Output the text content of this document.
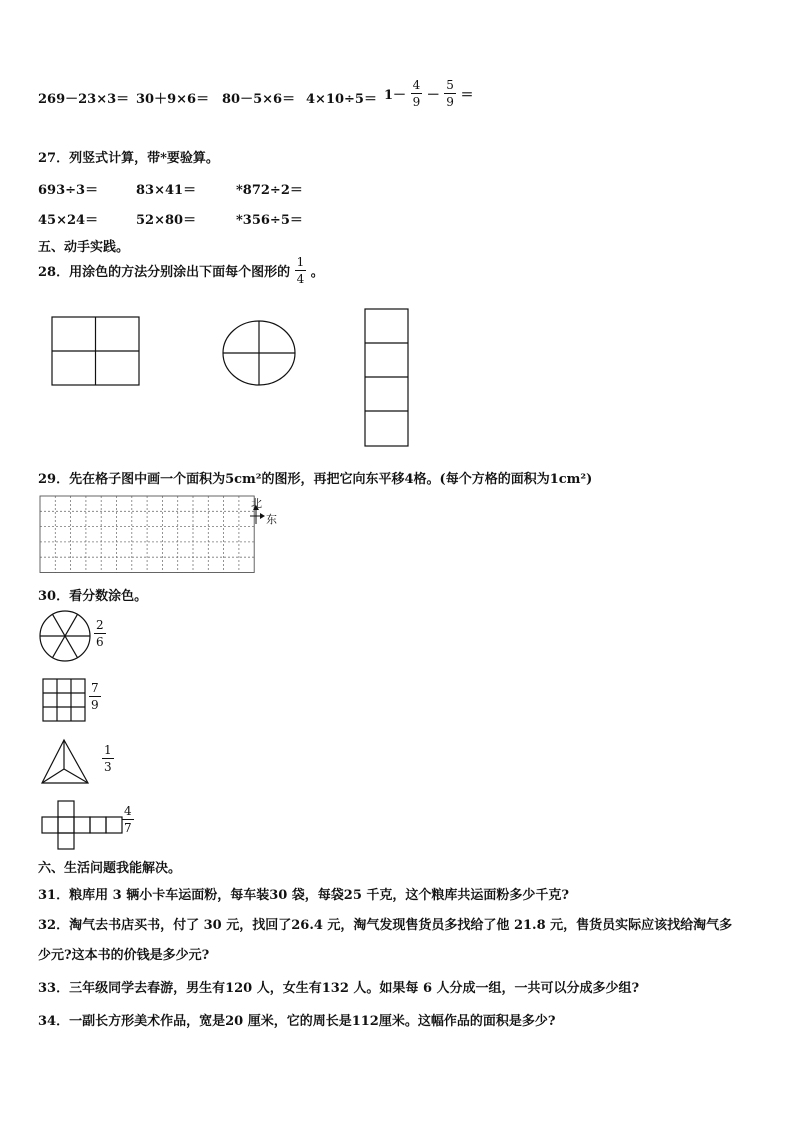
$269-23\times 3= 30+9\times 6= 80-5\times 6= 4\times 10\div 5= 1- \frac{4}{9} - \frac{5}{9}$ ＝
27．列竖式计算，带*要验算。
693÷3＝	83×41＝	*872÷2＝
45×24＝	52×80＝	*356÷5＝
五、动手实践。
28．用涂色的方法分别涂出下面每个图形的 $\frac{1}{4}$ 。
29．先在格子图中画一个面积为5cm²的图形，再把它向东平移4格。(每个方格的面积为1cm²)
北
东
30．看分数涂色。
$\frac{2}{6}$
$\frac{7}{9}$
$\frac{1}{3}$
$\frac{4}{7}$
六、生活问题我能解决。
31．粮库用 3 辆小卡车运面粉，每车装30 袋，每袋25 千克，这个粮库共运面粉多少千克?
32．淘气去书店买书，付了 30 元，找回了26.4 元，淘气发现售货员多找给了他 21.8 元，售货员实际应该找给淘气多
少元?这本书的价钱是多少元?
33．三年级同学去春游，男生有120 人，女生有132 人。如果每 6 人分成一组，一共可以分成多少组?
34．一副长方形美术作品，宽是20 厘米，它的周长是112厘米。这幅作品的面积是多少?
